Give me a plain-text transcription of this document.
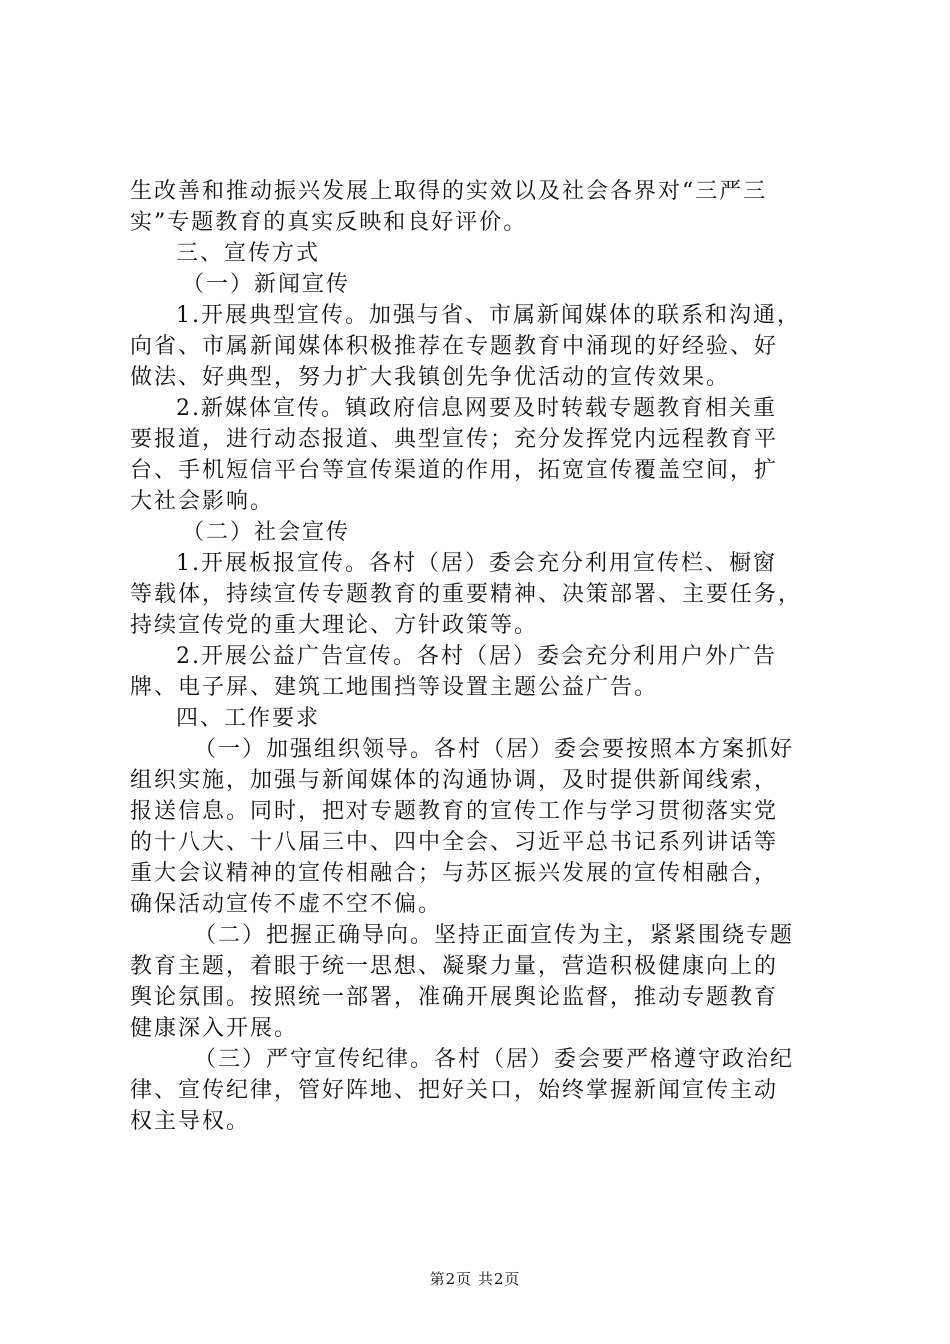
生改善和推动振兴发展上取得的实效以及社会各界对“三严三
实”专题教育的真实反映和良好评价。
三、宣传方式
（一）新闻宣传
1.开展典型宣传。加强与省、市属新闻媒体的联系和沟通，
向省、市属新闻媒体积极推荐在专题教育中涌现的好经验、好
做法、好典型，努力扩大我镇创先争优活动的宣传效果。
2.新媒体宣传。镇政府信息网要及时转载专题教育相关重
要报道，进行动态报道、典型宣传；充分发挥党内远程教育平
台、手机短信平台等宣传渠道的作用，拓宽宣传覆盖空间，扩
大社会影响。
（二）社会宣传
1.开展板报宣传。各村（居）委会充分利用宣传栏、橱窗
等载体，持续宣传专题教育的重要精神、决策部署、主要任务，
持续宣传党的重大理论、方针政策等。
2.开展公益广告宣传。各村（居）委会充分利用户外广告
牌、电子屏、建筑工地围挡等设置主题公益广告。
四、工作要求
（一）加强组织领导。各村（居）委会要按照本方案抓好
组织实施，加强与新闻媒体的沟通协调，及时提供新闻线索，
报送信息。同时，把对专题教育的宣传工作与学习贯彻落实党
的十八大、十八届三中、四中全会、习近平总书记系列讲话等
重大会议精神的宣传相融合；与苏区振兴发展的宣传相融合，
确保活动宣传不虚不空不偏。
（二）把握正确导向。坚持正面宣传为主，紧紧围绕专题
教育主题，着眼于统一思想、凝聚力量，营造积极健康向上的
舆论氛围。按照统一部署，准确开展舆论监督，推动专题教育
健康深入开展。
（三）严守宣传纪律。各村（居）委会要严格遵守政治纪
律、宣传纪律，管好阵地、把好关口，始终掌握新闻宣传主动
权主导权。
第2页 共2页
